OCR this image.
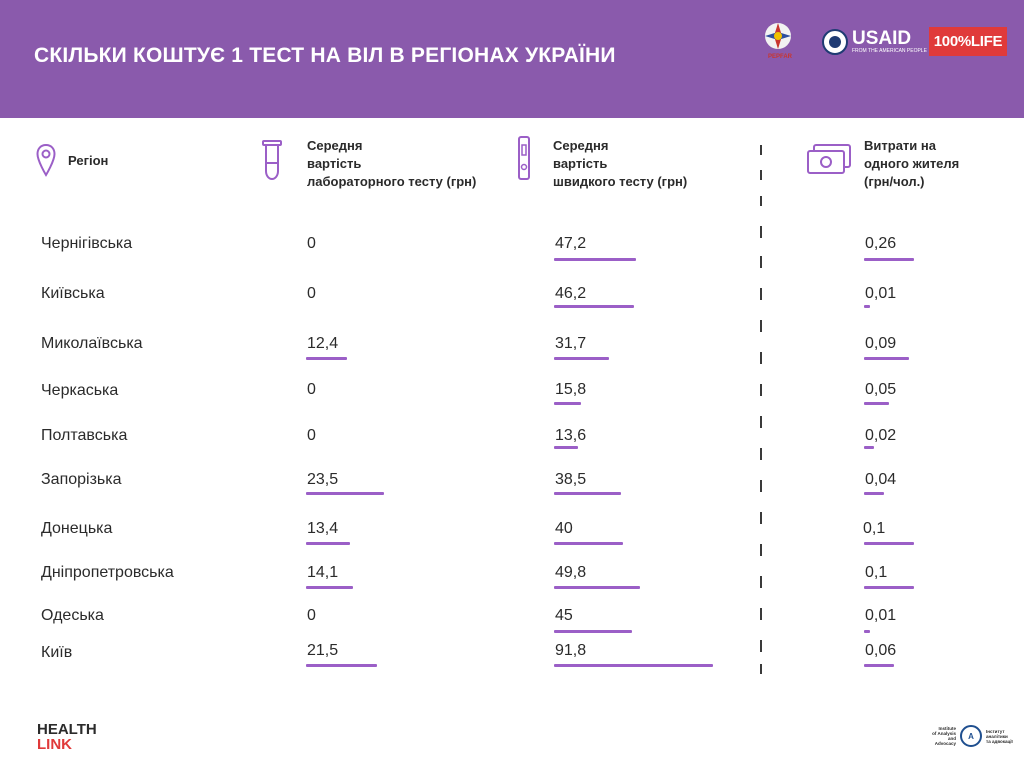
СКІЛЬКИ КОШТУЄ 1 ТЕСТ НА ВІЛ В РЕГІОНАХ УКРАЇНИ	PEPFAR
USAID
FROM THE AMERICAN PEOPLE
100%LIFE
Регіон
Середня
вартість
лабораторного тесту (грн)
Середня
вартість
швидкого тесту (грн)
Витрати на
одного жителя
(грн/чол.)
Чернігівська	0	47,2	0,26
Київська	0	46,2	0,01
Миколаївська	12,4	31,7	0,09
Черкаська	0	15,8	0,05
Полтавська	0	13,6	0,02
Запорізька	23,5	38,5	0,04
Донецька	13,4	40	0,1
Дніпропетровська	14,1	49,8	0,1
Одеська	0	45	0,01
Київ	21,5	91,8	0,06
HEALTH
LINK
Institute
of Analysis
and Advocacy
A
Інститут
аналітики
та адвокації
